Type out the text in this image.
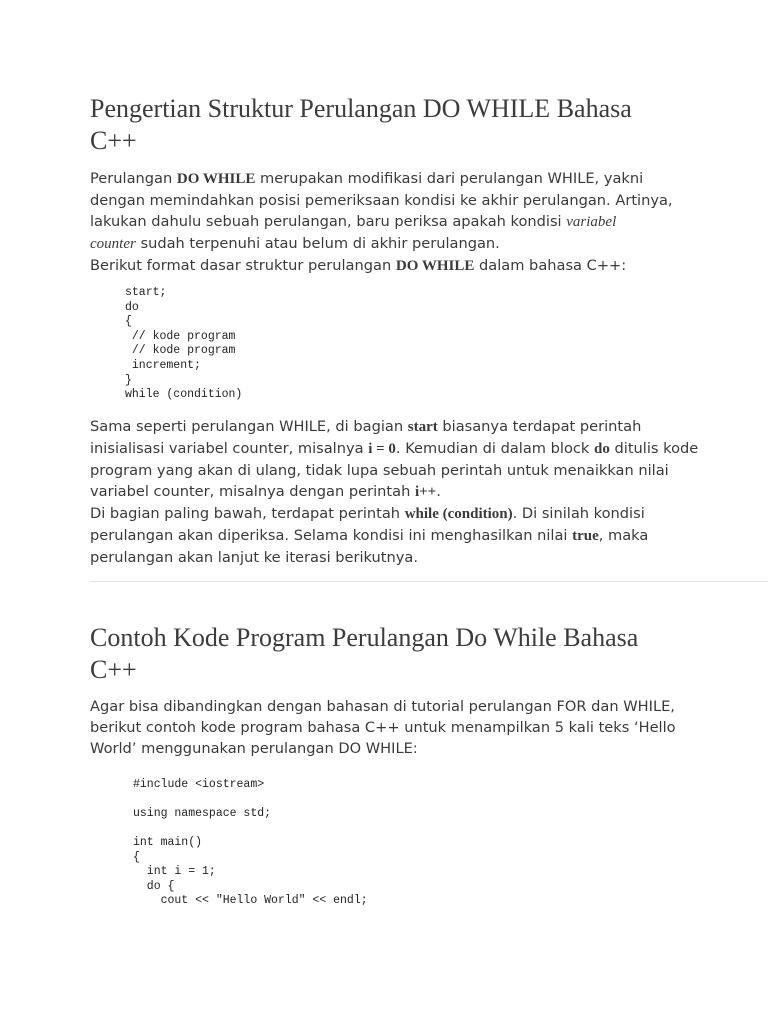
Pengertian Struktur Perulangan DO WHILE Bahasa
C++
Perulangan DO WHILE merupakan modifikasi dari perulangan WHILE, yakni
dengan memindahkan posisi pemeriksaan kondisi ke akhir perulangan. Artinya,
lakukan dahulu sebuah perulangan, baru periksa apakah kondisi variabel
counter sudah terpenuhi atau belum di akhir perulangan.
Berikut format dasar struktur perulangan DO WHILE dalam bahasa C++:
start;
do
{
// kode program
// kode program
increment;
}
while (condition)
Sama seperti perulangan WHILE, di bagian start biasanya terdapat perintah
inisialisasi variabel counter, misalnya i = 0. Kemudian di dalam block do ditulis kode
program yang akan di ulang, tidak lupa sebuah perintah untuk menaikkan nilai
variabel counter, misalnya dengan perintah i++.
Di bagian paling bawah, terdapat perintah while (condition). Di sinilah kondisi
perulangan akan diperiksa. Selama kondisi ini menghasilkan nilai true, maka
perulangan akan lanjut ke iterasi berikutnya.
Contoh Kode Program Perulangan Do While Bahasa
C++
Agar bisa dibandingkan dengan bahasan di tutorial perulangan FOR dan WHILE,
berikut contoh kode program bahasa C++ untuk menampilkan 5 kali teks ‘Hello
World’ menggunakan perulangan DO WHILE:
#include <iostream>

using namespace std;

int main()
{
int i = 1;
do {
cout << "Hello World" << endl;
